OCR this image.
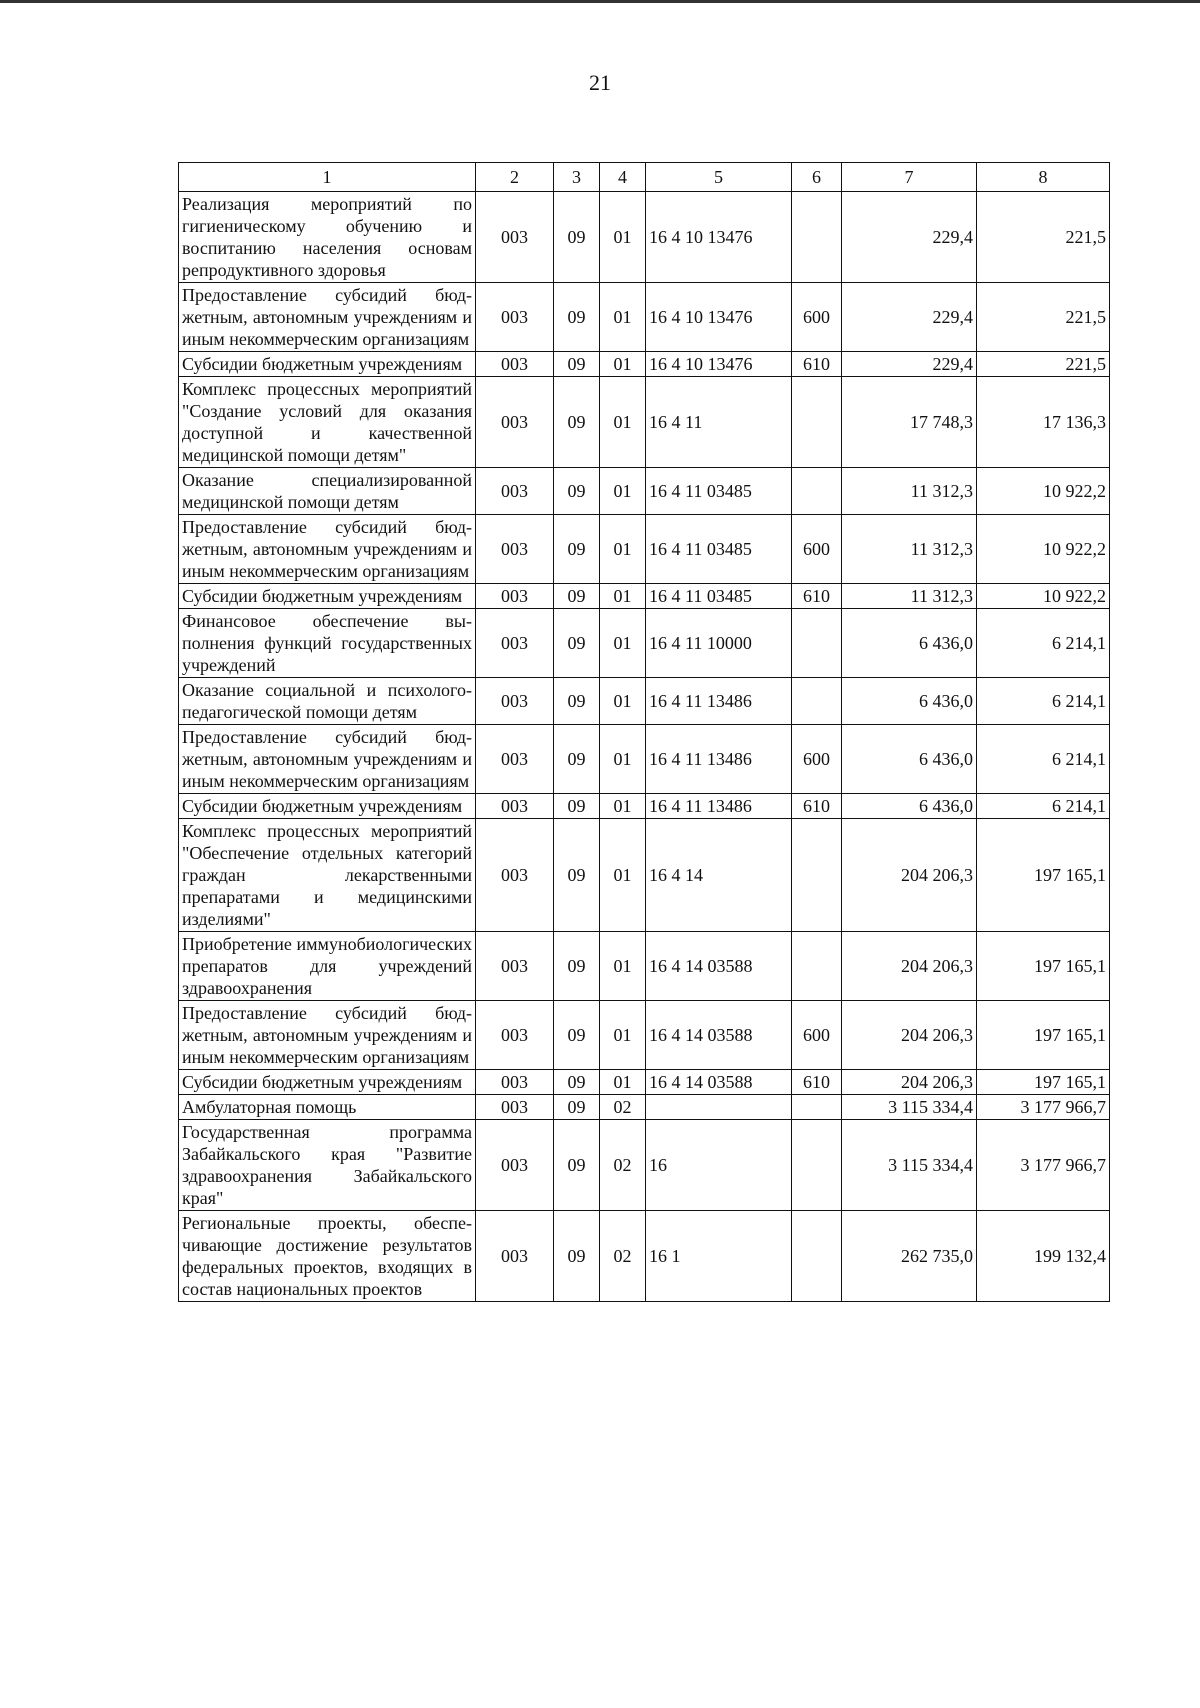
21
1	2	3	4	5	6	7	8
Реализация мероприятий по гигиеническому обучению и воспитанию населения основам репродуктивного здоровья	003	09	01	16 4 10 13476		229,4	221,5
Предоставление субсидий бюджетным, автономным учреждениям и иным некоммерческим организациям	003	09	01	16 4 10 13476	600	229,4	221,5
Субсидии бюджетным учреждениям	003	09	01	16 4 10 13476	610	229,4	221,5
Комплекс процессных мероприятий "Создание условий для оказания доступной и качественной медицинской помощи детям"	003	09	01	16 4 11		17 748,3	17 136,3
Оказание специализированной медицинской помощи детям	003	09	01	16 4 11 03485		11 312,3	10 922,2
Предоставление субсидий бюджетным, автономным учреждениям и иным некоммерческим организациям	003	09	01	16 4 11 03485	600	11 312,3	10 922,2
Субсидии бюджетным учреждениям	003	09	01	16 4 11 03485	610	11 312,3	10 922,2
Финансовое обеспечение выполнения функций государственных учреждений	003	09	01	16 4 11 10000		6 436,0	6 214,1
Оказание социальной и психолого-педагогической помощи детям	003	09	01	16 4 11 13486		6 436,0	6 214,1
Предоставление субсидий бюджетным, автономным учреждениям и иным некоммерческим организациям	003	09	01	16 4 11 13486	600	6 436,0	6 214,1
Субсидии бюджетным учреждениям	003	09	01	16 4 11 13486	610	6 436,0	6 214,1
Комплекс процессных мероприятий "Обеспечение отдельных категорий граждан лекарственными препаратами и медицинскими изделиями"	003	09	01	16 4 14		204 206,3	197 165,1
Приобретение иммунобиологических препаратов для учреждений здравоохранения	003	09	01	16 4 14 03588		204 206,3	197 165,1
Предоставление субсидий бюджетным, автономным учреждениям и иным некоммерческим организациям	003	09	01	16 4 14 03588	600	204 206,3	197 165,1
Субсидии бюджетным учреждениям	003	09	01	16 4 14 03588	610	204 206,3	197 165,1
Амбулаторная помощь	003	09	02			3 115 334,4	3 177 966,7
Государственная программа Забайкальского края "Развитие здравоохранения Забайкальского края"	003	09	02	16		3 115 334,4	3 177 966,7
Региональные проекты, обеспечивающие достижение результатов федеральных проектов, входящих в состав национальных проектов	003	09	02	16 1		262 735,0	199 132,4
